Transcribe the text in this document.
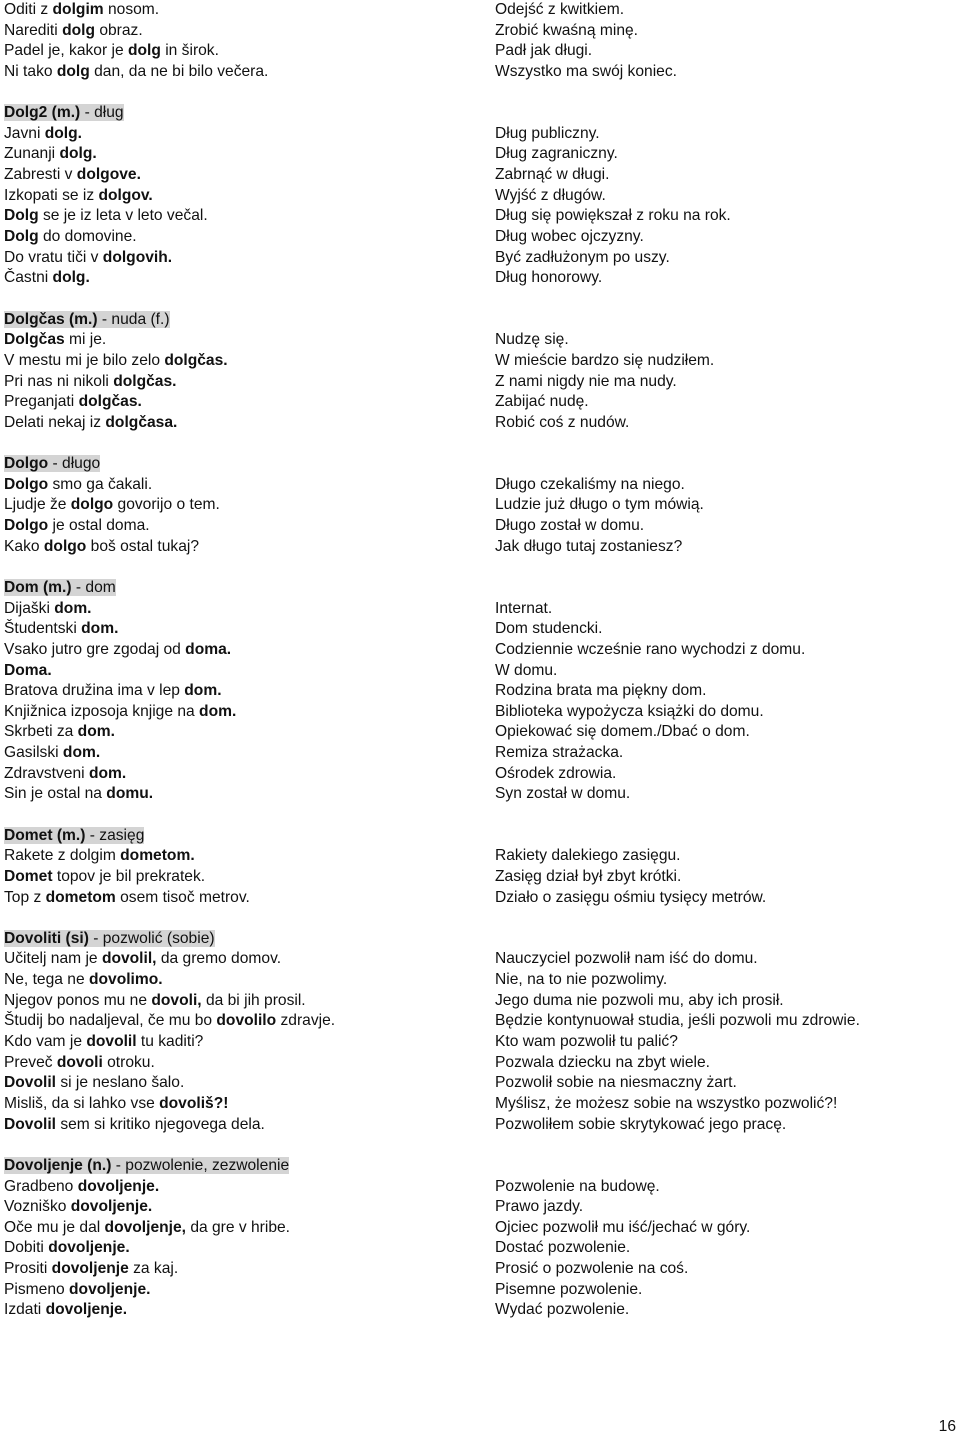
Oditi z dolgim nosom.
Narediti dolg obraz.
Padel je, kakor je dolg in širok.
Ni tako dolg dan, da ne bi bilo večera.
Dolg2 (m.) - dług
Javni dolg.
Zunanji dolg.
Zabresti v dolgove.
Izkopati se iz dolgov.
Dolg se je iz leta v leto večal.
Dolg do domovine.
Do vratu tiči v dolgovih.
Častni dolg.
Dolgčas (m.) - nuda (f.)
Dolgčas mi je.
V mestu mi je bilo zelo dolgčas.
Pri nas ni nikoli dolgčas.
Preganjati dolgčas.
Delati nekaj iz dolgčasa.
Dolgo - długo
Dolgo smo ga čakali.
Ljudje že dolgo govorijo o tem.
Dolgo je ostal doma.
Kako dolgo boš ostal tukaj?
Dom (m.) - dom
Dijaški dom.
Študentski dom.
Vsako jutro gre zgodaj od doma.
Doma.
Bratova družina ima v lep dom.
Knjižnica izposoja knjige na dom.
Skrbeti za dom.
Gasilski dom.
Zdravstveni dom.
Sin je ostal na domu.
Domet (m.) - zasięg
Rakete z dolgim dometom.
Domet topov je bil prekratek.
Top z dometom osem tisoč metrov.
Dovoliti (si) - pozwolić (sobie)
Učitelj nam je dovolil, da gremo domov.
Ne, tega ne dovolimo.
Njegov ponos mu ne dovoli, da bi jih prosil.
Študij bo nadaljeval, če mu bo dovolilo zdravje.
Kdo vam je dovolil tu kaditi?
Preveč dovoli otroku.
Dovolil si je neslano šalo.
Misliš, da si lahko vse dovoliš?!
Dovolil sem si kritiko njegovega dela.
Dovoljenje (n.) - pozwolenie, zezwolenie
Gradbeno dovoljenje.
Vozniško dovoljenje.
Oče mu je dal dovoljenje, da gre v hribe.
Dobiti dovoljenje.
Prositi dovoljenje za kaj.
Pismeno dovoljenje.
Izdati dovoljenje.
Odejść z kwitkiem.
Zrobić kwaśną minę.
Padł jak długi.
Wszystko ma swój koniec.
Dług publiczny.
Dług zagraniczny.
Zabrnąć w długi.
Wyjść z długów.
Dług się powiększał z roku na rok.
Dług wobec ojczyzny.
Być zadłużonym po uszy.
Dług honorowy.
Nudzę się.
W mieście bardzo się nudziłem.
Z nami nigdy nie ma nudy.
Zabijać nudę.
Robić coś z nudów.
Długo czekaliśmy na niego.
Ludzie już długo o tym mówią.
Długo został w domu.
Jak długo tutaj zostaniesz?
Internat.
Dom studencki.
Codziennie wcześnie rano wychodzi z domu.
W domu.
Rodzina brata ma piękny dom.
Biblioteka wypożycza książki do domu.
Opiekować się domem./Dbać o dom.
Remiza strażacka.
Ośrodek zdrowia.
Syn został w domu.
Rakiety dalekiego zasięgu.
Zasięg dział był zbyt krótki.
Działo o zasięgu ośmiu tysięcy metrów.
Nauczyciel pozwolił nam iść do domu.
Nie, na to nie pozwolimy.
Jego duma nie pozwoli mu, aby ich prosił.
Będzie kontynuował studia, jeśli pozwoli mu zdrowie.
Kto wam pozwolił tu palić?
Pozwala dziecku na zbyt wiele.
Pozwolił sobie na niesmaczny żart.
Myślisz, że możesz sobie na wszystko pozwolić?!
Pozwoliłem sobie skrytykować jego pracę.
Pozwolenie na budowę.
Prawo jazdy.
Ojciec pozwolił mu iść/jechać w góry.
Dostać pozwolenie.
Prosić o pozwolenie na coś.
Pisemne pozwolenie.
Wydać pozwolenie.
16
